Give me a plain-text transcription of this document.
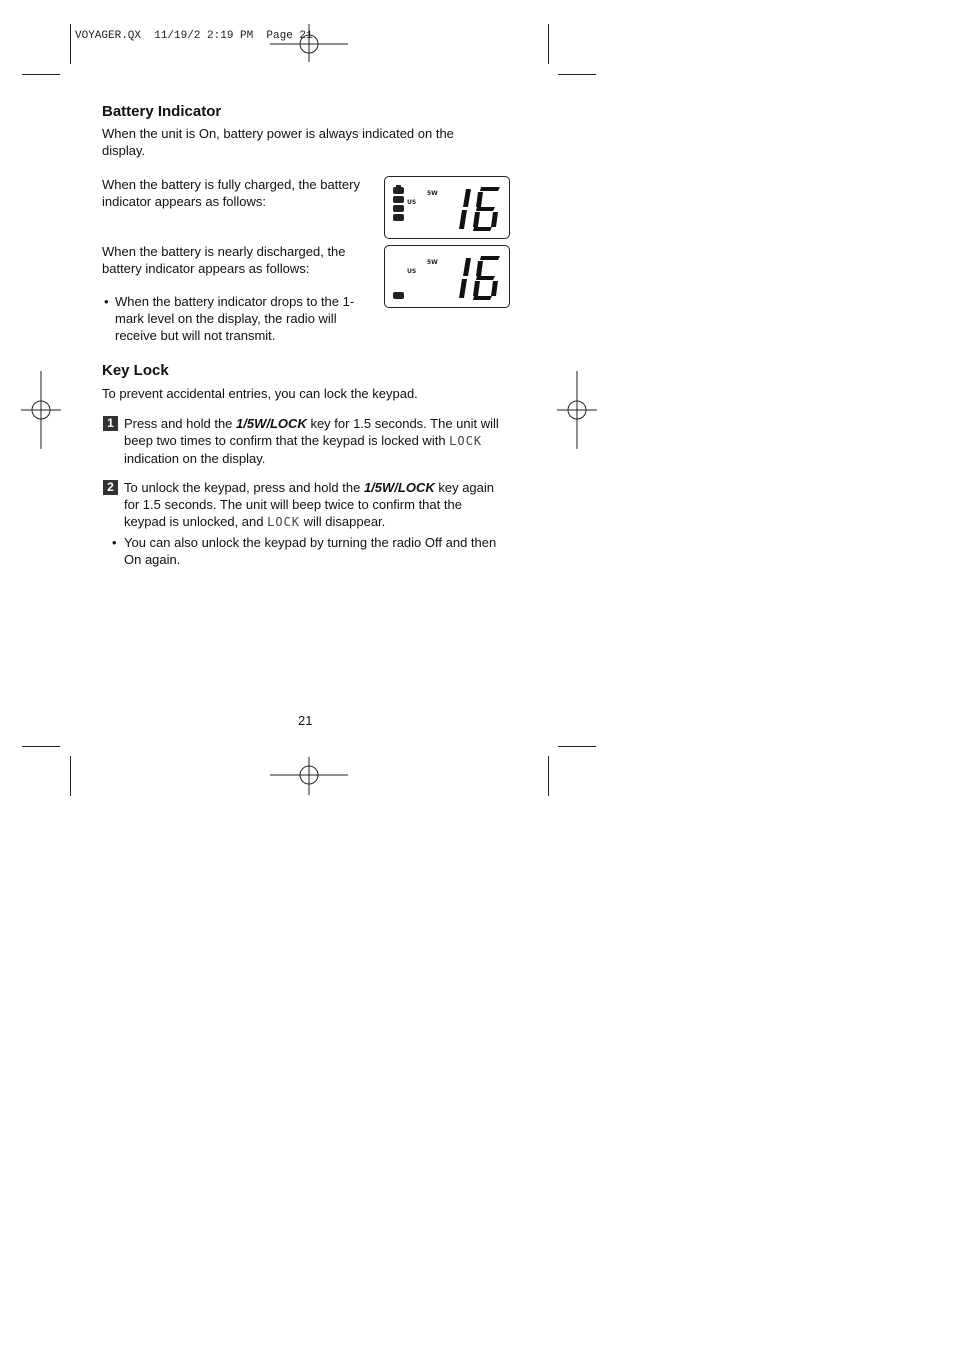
VOYAGER.QX  11/19/2 2:19 PM  Page 21
Battery Indicator

When the unit is On, battery power is always indicated on the display.

When the battery is fully charged, the battery indicator appears as follows:	US
5W

When the battery is nearly discharged, the battery indicator appears as follows:	US
5W
• When the battery indicator drops to the 1-mark level on the display, the radio will receive but will not transmit.

Key Lock

To prevent accidental entries, you can lock the keypad.

1 Press and hold the 1/5W/LOCK key for 1.5 seconds. The unit will beep two times to confirm that the keypad is locked with LOCK indication on the display.

2 To unlock the keypad, press and hold the 1/5W/LOCK key again for 1.5 seconds. The unit will beep twice to confirm that the keypad is unlocked, and LOCK will disappear.

• You can also unlock the keypad by turning the radio Off and then On again.

21
